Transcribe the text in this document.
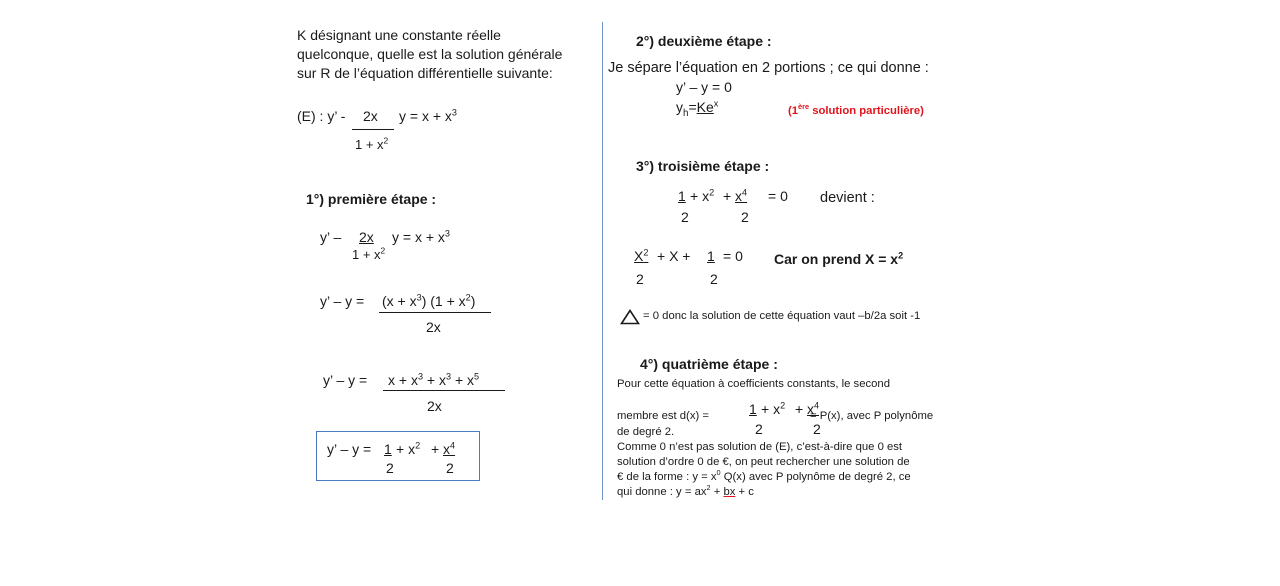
K désignant une constante réelle
quelconque, quelle est la solution générale
sur R de l’équation différentielle suivante:
(E) : y’ - 2x $y = x + x^3$
$1 + x^2$
1°) première étape :
y’ – 2x $y = x + x^3$
$1 + x^2$
y’ – $y = (x + x^3)$ $(1 + x^2)$
2x
y’ – $y = x + x^3 + x^3 + x^5$
2x
y’ – $y = 1 + x^2 + x^4$
2	2
2°) deuxième étape :
Je sépare l’équation en 2 portions ; ce qui donne :
y’ – y = 0
$y_h=Ke^x$
(1ère solution particulière)
3°) troisième étape :
$1 + x^2 + x^4 = 0$
2	2
devient :
$X^2 + X + 1 = 0$
2	2
Car on prend $X = x^2$
= 0 donc la solution de cette équation vaut –b/2a soit -1
4°) quatrième étape :
Pour cette équation à coefficients constants, le second
membre est d(x) =	$1 + x^2 + x^4$
= P(x), avec P polynôme
2	2
de degré 2.
Comme 0 n’est pas solution de (E), c’est-à-dire que 0 est
solution d’ordre 0 de €, on peut rechercher une solution de
€ de la forme : $y = x^0$ Q(x) avec P polynôme de degré 2, ce
qui donne : $y = ax^2$ + bx + c
